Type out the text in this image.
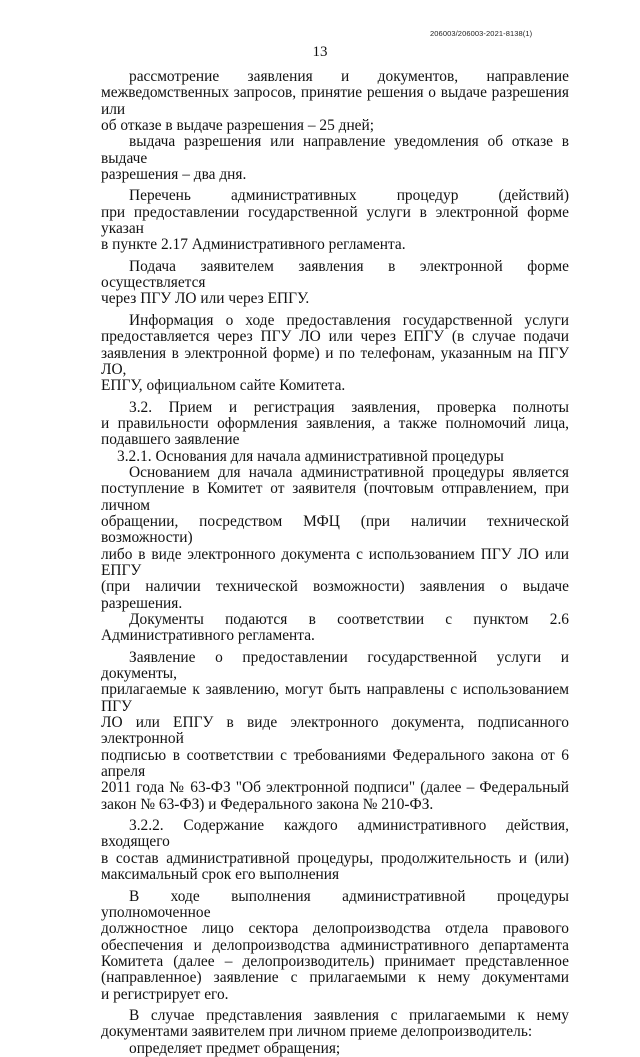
206003/206003-2021-8138(1)
13

рассмотрение заявления и документов, направление
межведомственных запросов, принятие решения о выдаче разрешения или
об отказе в выдаче разрешения – 25 дней;

выдача разрешения или направление уведомления об отказе в выдаче
разрешения – два дня.

Перечень административных процедур (действий)
при предоставлении государственной услуги в электронной форме указан
в пункте 2.17 Административного регламента.

Подача заявителем заявления в электронной форме осуществляется
через ПГУ ЛО или через ЕПГУ.

Информация о ходе предоставления государственной услуги
предоставляется через ПГУ ЛО или через ЕПГУ (в случае подачи
заявления в электронной форме) и по телефонам, указанным на ПГУ ЛО,
ЕПГУ, официальном сайте Комитета.

3.2. Прием и регистрация заявления, проверка полноты
и правильности оформления заявления, а также полномочий лица,
подавшего заявление

3.2.1. Основания для начала административной процедуры

Основанием для начала административной процедуры является
поступление в Комитет от заявителя (почтовым отправлением, при личном
обращении, посредством МФЦ (при наличии технической возможности)
либо в виде электронного документа с использованием ПГУ ЛО или ЕПГУ
(при наличии технической возможности) заявления о выдаче разрешения.

Документы подаются в соответствии с пунктом 2.6
Административного регламента.

Заявление о предоставлении государственной услуги и документы,
прилагаемые к заявлению, могут быть направлены с использованием ПГУ
ЛО или ЕПГУ в виде электронного документа, подписанного электронной
подписью в соответствии с требованиями Федерального закона от 6 апреля
2011 года № 63-ФЗ "Об электронной подписи" (далее – Федеральный
закон № 63-ФЗ) и Федерального закона № 210-ФЗ.

3.2.2. Содержание каждого административного действия, входящего
в состав административной процедуры, продолжительность и (или)
максимальный срок его выполнения

В ходе выполнения административной процедуры уполномоченное
должностное лицо сектора делопроизводства отдела правового
обеспечения и делопроизводства административного департамента
Комитета (далее – делопроизводитель) принимает представленное
(направленное) заявление с прилагаемыми к нему документами
и регистрирует его.

В случае представления заявления с прилагаемыми к нему
документами заявителем при личном приеме делопроизводитель:

определяет предмет обращения;
